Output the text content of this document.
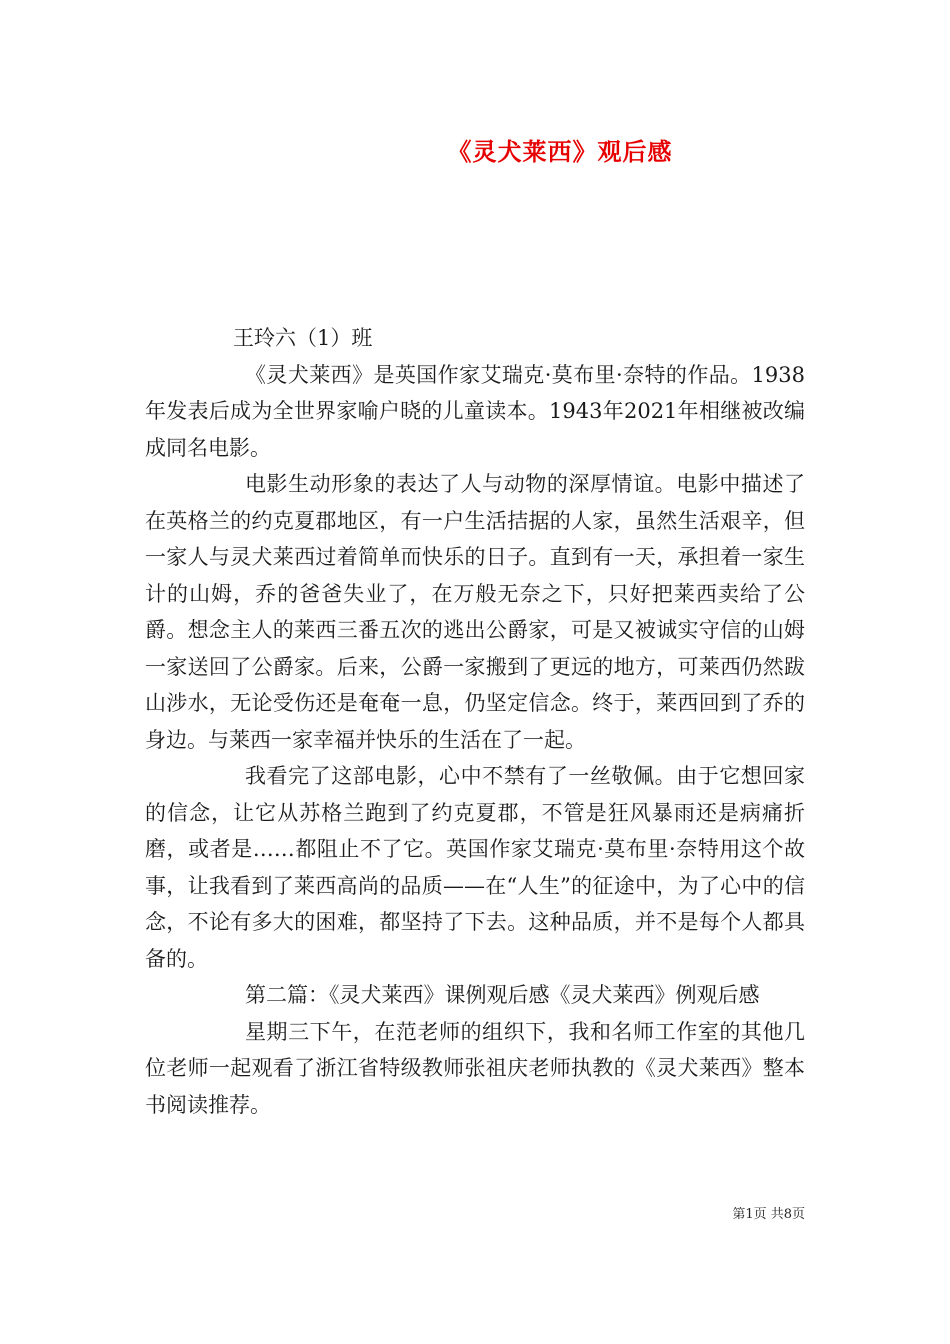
《灵犬莱西》观后感

王玲六（1）班

《灵犬莱西》是英国作家艾瑞克·莫布里·奈特的作品。1938年发表后成为全世界家喻户晓的儿童读本。1943年2021年相继被改编成同名电影。

电影生动形象的表达了人与动物的深厚情谊。电影中描述了在英格兰的约克夏郡地区，有一户生活拮据的人家，虽然生活艰辛，但一家人与灵犬莱西过着简单而快乐的日子。直到有一天，承担着一家生计的山姆，乔的爸爸失业了，在万般无奈之下，只好把莱西卖给了公爵。想念主人的莱西三番五次的逃出公爵家，可是又被诚实守信的山姆一家送回了公爵家。后来，公爵一家搬到了更远的地方，可莱西仍然跋山涉水，无论受伤还是奄奄一息，仍坚定信念。终于，莱西回到了乔的身边。与莱西一家幸福并快乐的生活在了一起。

我看完了这部电影，心中不禁有了一丝敬佩。由于它想回家的信念，让它从苏格兰跑到了约克夏郡，不管是狂风暴雨还是病痛折磨，或者是……都阻止不了它。英国作家艾瑞克·莫布里·奈特用这个故事，让我看到了莱西高尚的品质——在“人生”的征途中，为了心中的信念，不论有多大的困难，都坚持了下去。这种品质，并不是每个人都具备的。

第二篇：《灵犬莱西》课例观后感《灵犬莱西》例观后感

星期三下午，在范老师的组织下，我和名师工作室的其他几位老师一起观看了浙江省特级教师张祖庆老师执教的《灵犬莱西》整本书阅读推荐。

第1页 共8页
